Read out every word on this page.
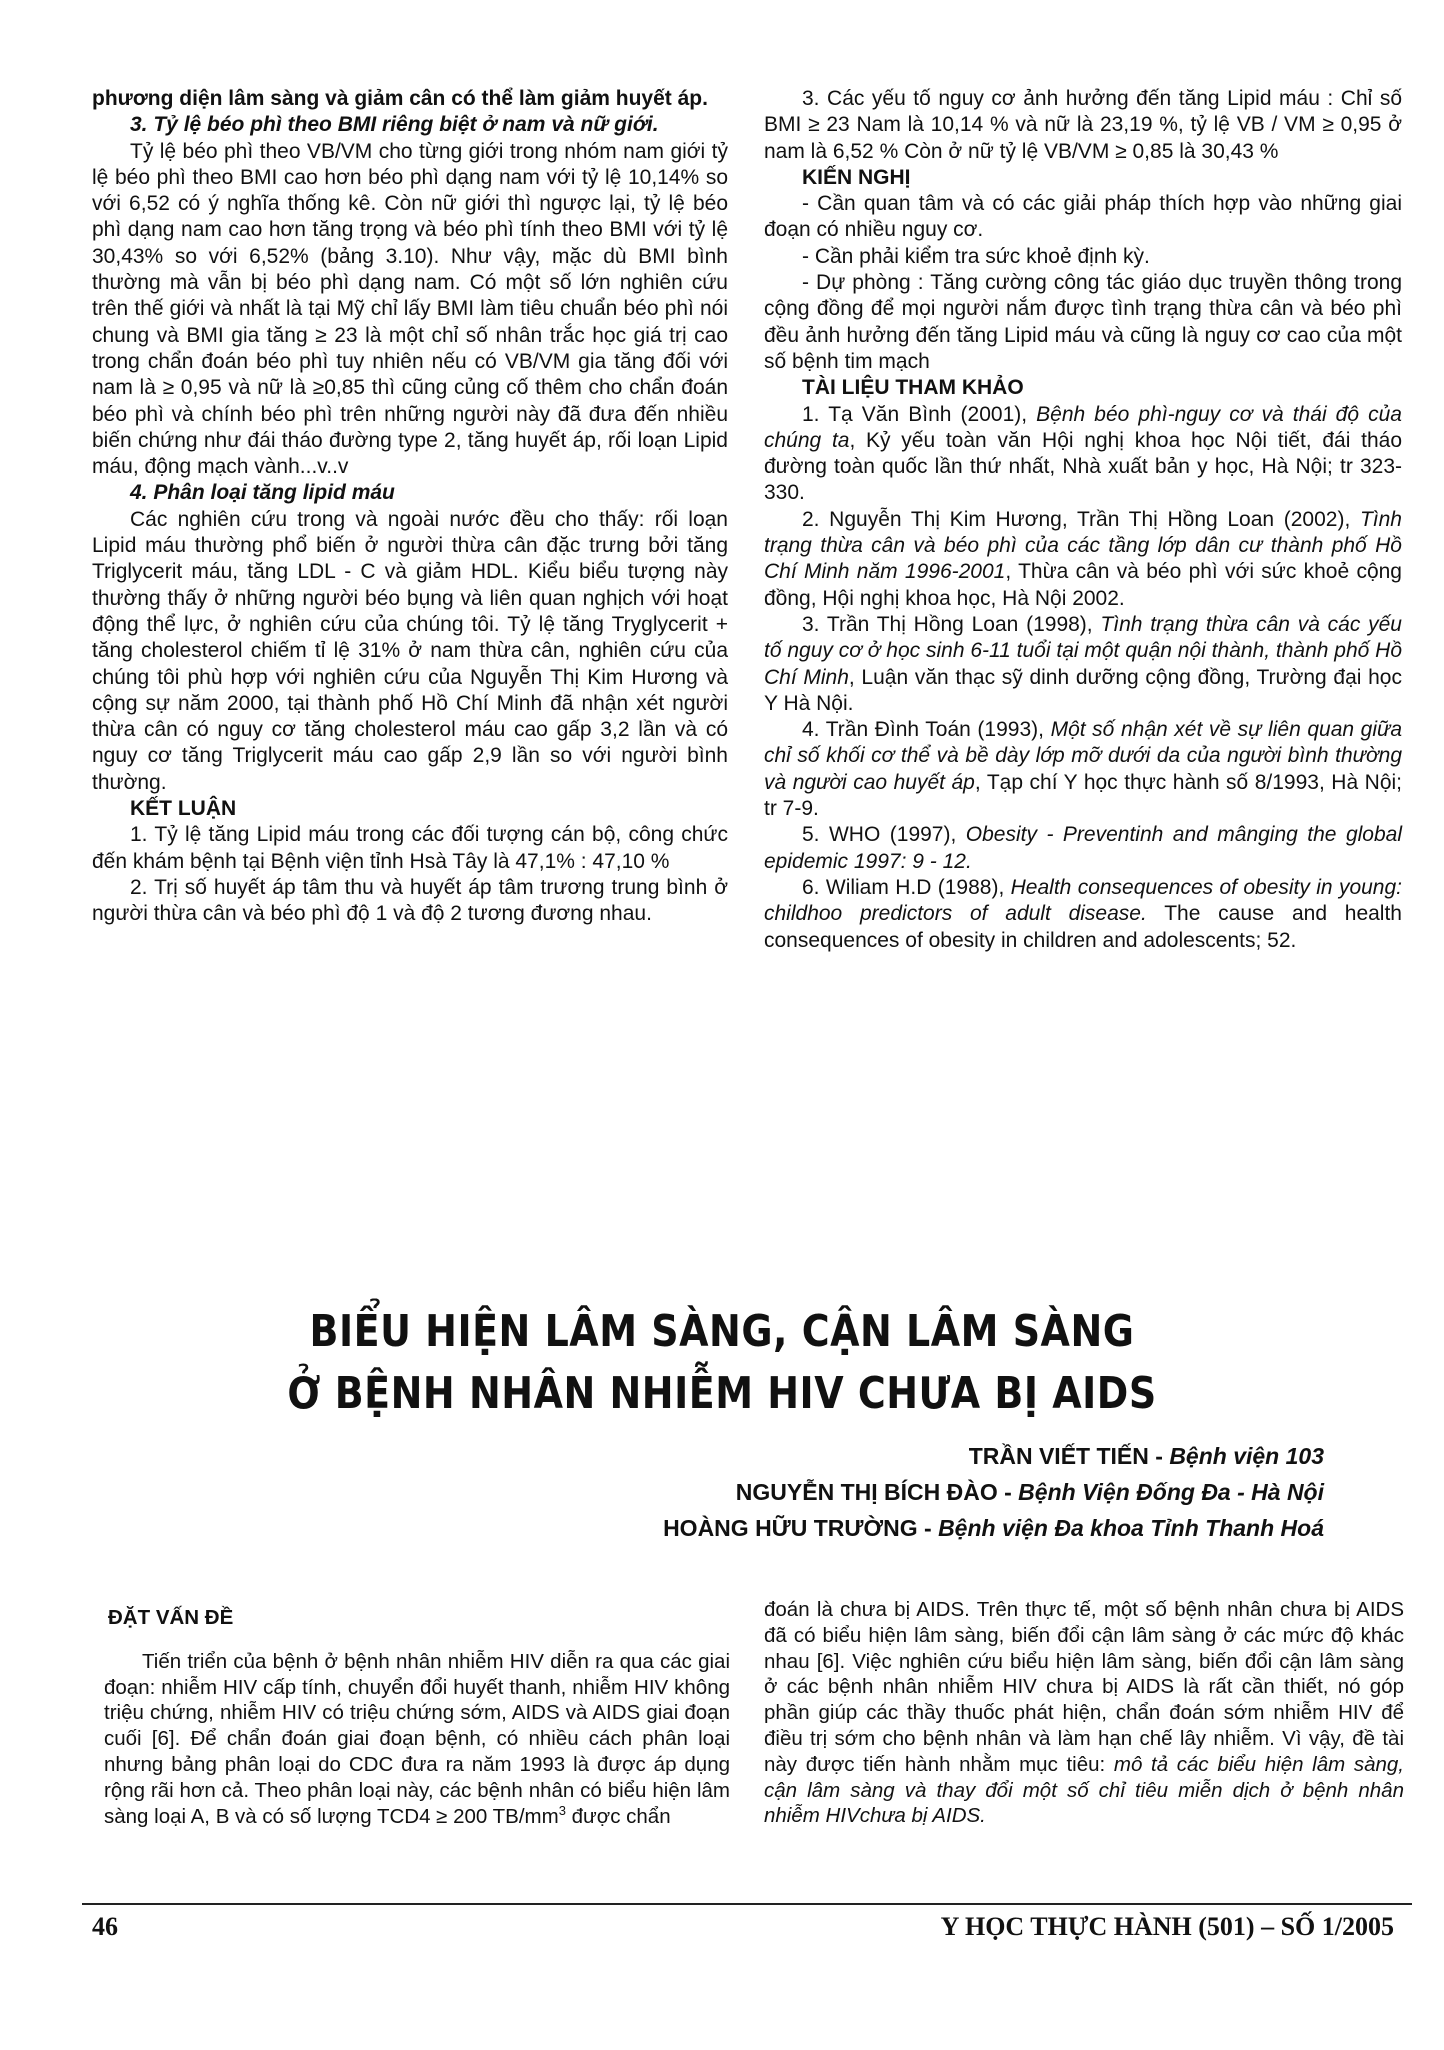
phương diện lâm sàng và giảm cân có thể làm giảm huyết áp.

3. Tỷ lệ béo phì theo BMI riêng biệt ở nam và nữ giới.

Tỷ lệ béo phì theo VB/VM cho từng giới trong nhóm nam giới tỷ lệ béo phì theo BMI cao hơn béo phì dạng nam với tỷ lệ 10,14% so với 6,52 có ý nghĩa thống kê. Còn nữ giới thì ngược lại, tỷ lệ béo phì dạng nam cao hơn tăng trọng và béo phì tính theo BMI với tỷ lệ 30,43% so với 6,52% (bảng 3.10). Như vậy, mặc dù BMI bình thường mà vẫn bị béo phì dạng nam. Có một số lớn nghiên cứu trên thế giới và nhất là tại Mỹ chỉ lấy BMI làm tiêu chuẩn béo phì nói chung và BMI gia tăng ≥ 23 là một chỉ số nhân trắc học giá trị cao trong chẩn đoán béo phì tuy nhiên nếu có VB/VM gia tăng đối với nam là ≥ 0,95 và nữ là ≥0,85 thì cũng củng cố thêm cho chẩn đoán béo phì và chính béo phì trên những người này đã đưa đến nhiều biến chứng như đái tháo đường type 2, tăng huyết áp, rối loạn Lipid máu, động mạch vành...v..v

4. Phân loại tăng lipid máu

Các nghiên cứu trong và ngoài nước đều cho thấy: rối loạn Lipid máu thường phổ biến ở người thừa cân đặc trưng bởi tăng Triglycerit máu, tăng LDL - C và giảm HDL. Kiểu biểu tượng này thường thấy ở những người béo bụng và liên quan nghịch với hoạt động thể lực, ở nghiên cứu của chúng tôi. Tỷ lệ tăng Tryglycerit + tăng cholesterol chiếm tỉ lệ 31% ở nam thừa cân, nghiên cứu của chúng tôi phù hợp với nghiên cứu của Nguyễn Thị Kim Hương và cộng sự năm 2000, tại thành phố Hồ Chí Minh đã nhận xét người thừa cân có nguy cơ tăng cholesterol máu cao gấp 3,2 lần và có nguy cơ tăng Triglycerit máu cao gấp 2,9 lần so với người bình thường.

KẾT LUẬN

1. Tỷ lệ tăng Lipid máu trong các đối tượng cán bộ, công chức đến khám bệnh tại Bệnh viện tỉnh Hsà Tây là 47,1% : 47,10 %

2. Trị số huyết áp tâm thu và huyết áp tâm trương trung bình ở người thừa cân và béo phì độ 1 và độ 2 tương đương nhau.

3. Các yếu tố nguy cơ ảnh hưởng đến tăng Lipid máu : Chỉ số BMI ≥ 23 Nam là 10,14 % và nữ là 23,19 %, tỷ lệ VB / VM ≥ 0,95 ở nam là 6,52 % Còn ở nữ tỷ lệ VB/VM ≥ 0,85 là 30,43 %

KIẾN NGHỊ

- Cần quan tâm và có các giải pháp thích hợp vào những giai đoạn có nhiều nguy cơ.

- Cần phải kiểm tra sức khoẻ định kỳ.

- Dự phòng : Tăng cường công tác giáo dục truyền thông trong cộng đồng để mọi người nắm được tình trạng thừa cân và béo phì đều ảnh hưởng đến tăng Lipid máu và cũng là nguy cơ cao của một số bệnh tim mạch

TÀI LIỆU THAM KHẢO

1. Tạ Văn Bình (2001), Bệnh béo phì-nguy cơ và thái độ của chúng ta, Kỷ yếu toàn văn Hội nghị khoa học Nội tiết, đái tháo đường toàn quốc lần thứ nhất, Nhà xuất bản y học, Hà Nội; tr 323-330.

2. Nguyễn Thị Kim Hương, Trần Thị Hồng Loan (2002), Tình trạng thừa cân và béo phì của các tầng lớp dân cư thành phố Hồ Chí Minh năm 1996-2001, Thừa cân và béo phì với sức khoẻ cộng đồng, Hội nghị khoa học, Hà Nội 2002.

3. Trần Thị Hồng Loan (1998), Tình trạng thừa cân và các yếu tố nguy cơ ở học sinh 6-11 tuổi tại một quận nội thành, thành phố Hồ Chí Minh, Luận văn thạc sỹ dinh dưỡng cộng đồng, Trường đại học Y Hà Nội.

4. Trần Đình Toán (1993), Một số nhận xét về sự liên quan giữa chỉ số khối cơ thể và bề dày lớp mỡ dưới da của người bình thường và người cao huyết áp, Tạp chí Y học thực hành số 8/1993, Hà Nội; tr 7-9.

5. WHO (1997), Obesity - Preventinh and mânging the global epidemic 1997: 9 - 12.

6. Wiliam H.D (1988), Health consequences of obesity in young: childhoo predictors of adult disease. The cause and health consequences of obesity in children and adolescents; 52.

BIỂU HIỆN LÂM SÀNG, CẬN LÂM SÀNG
Ở BỆNH NHÂN NHIỄM HIV CHƯA BỊ AIDS
TRẦN VIẾT TIẾN - Bệnh viện 103
NGUYỄN THỊ BÍCH ĐÀO - Bệnh Viện Đống Đa - Hà Nội
HOÀNG HỮU TRƯỜNG - Bệnh viện Đa khoa Tỉnh Thanh Hoá

ĐẶT VẤN ĐỀ

Tiến triển của bệnh ở bệnh nhân nhiễm HIV diễn ra qua các giai đoạn: nhiễm HIV cấp tính, chuyển đổi huyết thanh, nhiễm HIV không triệu chứng, nhiễm HIV có triệu chứng sớm, AIDS và AIDS giai đoạn cuối [6]. Để chẩn đoán giai đoạn bệnh, có nhiều cách phân loại nhưng bảng phân loại do CDC đưa ra năm 1993 là được áp dụng rộng rãi hơn cả. Theo phân loại này, các bệnh nhân có biểu hiện lâm sàng loại A, B và có số lượng TCD4 ≥ 200 $TB/mm^3$ được chẩn

đoán là chưa bị AIDS. Trên thực tế, một số bệnh nhân chưa bị AIDS đã có biểu hiện lâm sàng, biến đổi cận lâm sàng ở các mức độ khác nhau [6]. Việc nghiên cứu biểu hiện lâm sàng, biến đổi cận lâm sàng ở các bệnh nhân nhiễm HIV chưa bị AIDS là rất cần thiết, nó góp phần giúp các thầy thuốc phát hiện, chẩn đoán sớm nhiễm HIV để điều trị sớm cho bệnh nhân và làm hạn chế lây nhiễm. Vì vậy, đề tài này được tiến hành nhằm mục tiêu: mô tả các biểu hiện lâm sàng, cận lâm sàng và thay đổi một số chỉ tiêu miễn dịch ở bệnh nhân nhiễm HIVchưa bị AIDS.

46	Y HỌC THỰC HÀNH (501) – SỐ 1/2005
